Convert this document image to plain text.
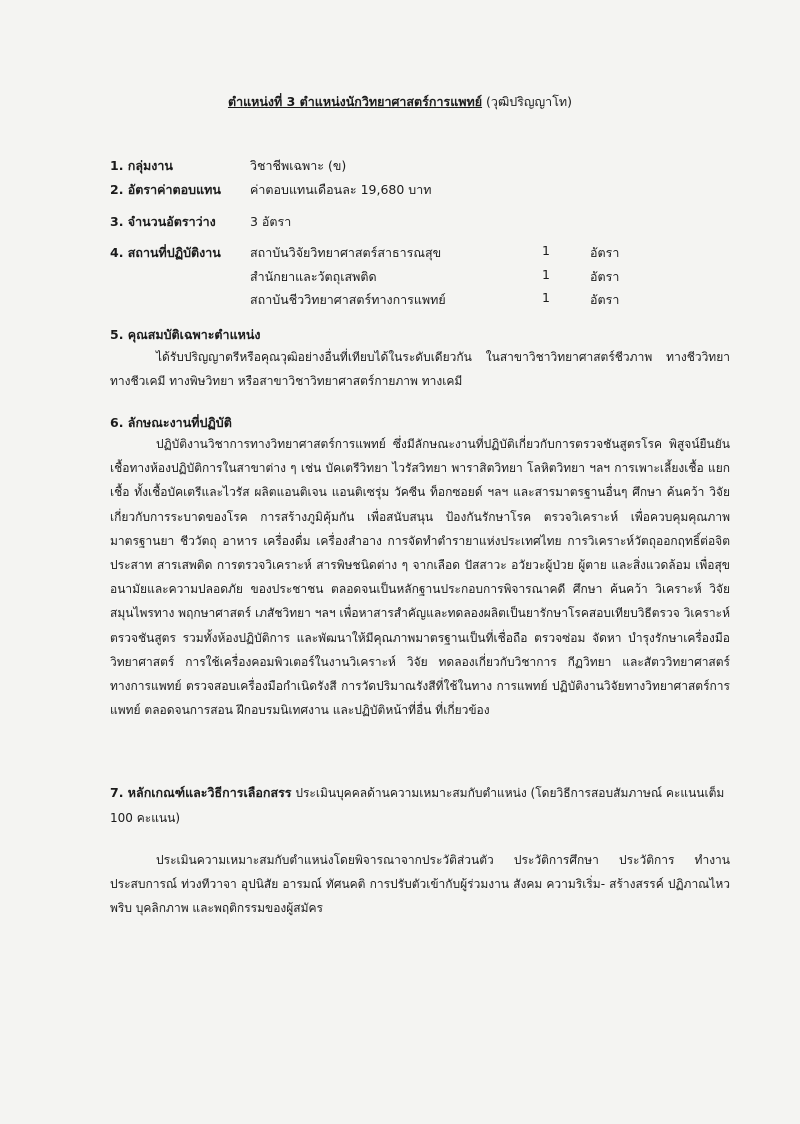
ตำแหน่งที่ 3 ตำแหน่งนักวิทยาศาสตร์การแพทย์ (วุฒิปริญญาโท)
1. กลุ่มงาน	วิชาชีพเฉพาะ (ข)
2. อัตราค่าตอบแทน ค่าตอบแทนเดือนละ 19,680 บาท
3. จำนวนอัตราว่าง	3 อัตรา
4. สถานที่ปฏิบัติงาน สถาบันวิจัยวิทยาศาสตร์สาธารณสุข	1	อัตรา
สำนักยาและวัตถุเสพติด	1	อัตรา
สถาบันชีววิทยาศาสตร์ทางการแพทย์	1	อัตรา
5. คุณสมบัติเฉพาะตำแหน่ง
ได้รับปริญญาตรีหรือคุณวุฒิอย่างอื่นที่เทียบได้ในระดับเดียวกัน ในสาขาวิชาวิทยาศาสตร์ชีวภาพ ทางชีววิทยา ทางชีวเคมี ทางพิษวิทยา หรือสาขาวิชาวิทยาศาสตร์กายภาพ ทางเคมี
6. ลักษณะงานที่ปฏิบัติ
ปฏิบัติงานวิชาการทางวิทยาศาสตร์การแพทย์ ซึ่งมีลักษณะงานที่ปฏิบัติเกี่ยวกับการตรวจชันสูตรโรค พิสูจน์ยืนยันเชื้อทางห้องปฏิบัติการในสาขาต่าง ๆ เช่น บัคเตรีวิทยา ไวรัสวิทยา พาราสิตวิทยา โลหิตวิทยา ฯลฯ การเพาะเลี้ยงเชื้อ แยกเชื้อ ทั้งเชื้อบัคเตรีและไวรัส ผลิตแอนติเจน แอนติเซรุ่ม วัคซีน ท็อกซอยด์ ฯลฯ และสารมาตรฐานอื่นๆ ศึกษา ค้นคว้า วิจัย เกี่ยวกับการระบาดของโรค การสร้างภูมิคุ้มกัน เพื่อสนับสนุน ป้องกันรักษาโรค ตรวจวิเคราะห์ เพื่อควบคุมคุณภาพมาตรฐานยา ชีววัตถุ อาหาร เครื่องดื่ม เครื่องสำอาง การจัดทำตำรายาแห่งประเทศไทย การวิเคราะห์วัตถุออกฤทธิ์ต่อจิตประสาท สารเสพติด การตรวจวิเคราะห์ สารพิษชนิดต่าง ๆ จากเลือด ปัสสาวะ อวัยวะผู้ป่วย ผู้ตาย และสิ่งแวดล้อม เพื่อสุขอนามัยและความปลอดภัย ของประชาชน ตลอดจนเป็นหลักฐานประกอบการพิจารณาคดี ศึกษา ค้นคว้า วิเคราะห์ วิจัย สมุนไพรทาง พฤกษาศาสตร์ เภสัชวิทยา ฯลฯ เพื่อหาสารสำคัญและทดลองผลิตเป็นยารักษาโรคสอบเทียบวิธีตรวจ วิเคราะห์ ตรวจชันสูตร รวมทั้งห้องปฏิบัติการ และพัฒนาให้มีคุณภาพมาตรฐานเป็นที่เชื่อถือ ตรวจซ่อม จัดหา บำรุงรักษาเครื่องมือวิทยาศาสตร์ การใช้เครื่องคอมพิวเตอร์ในงานวิเคราะห์ วิจัย ทดลองเกี่ยวกับวิชาการ กีฏวิทยา และสัตววิทยาศาสตร์ทางการแพทย์ ตรวจสอบเครื่องมือกำเนิดรังสี การวัดปริมาณรังสีที่ใช้ในทาง การแพทย์ ปฏิบัติงานวิจัยทางวิทยาศาสตร์การแพทย์ ตลอดจนการสอน ฝึกอบรมนิเทศงาน และปฏิบัติหน้าที่อื่น ที่เกี่ยวข้อง
7. หลักเกณฑ์และวิธีการเลือกสรร ประเมินบุคคลด้านความเหมาะสมกับตำแหน่ง (โดยวิธีการสอบสัมภาษณ์ คะแนนเต็ม 100 คะแนน)
ประเมินความเหมาะสมกับตำแหน่งโดยพิจารณาจากประวัติส่วนตัว ประวัติการศึกษา ประวัติการ ทำงาน ประสบการณ์ ท่วงทีวาจา อุปนิสัย อารมณ์ ทัศนคติ การปรับตัวเข้ากับผู้ร่วมงาน สังคม ความริเริ่ม- สร้างสรรค์ ปฏิภาณไหวพริบ บุคลิกภาพ และพฤติกรรมของผู้สมัคร
